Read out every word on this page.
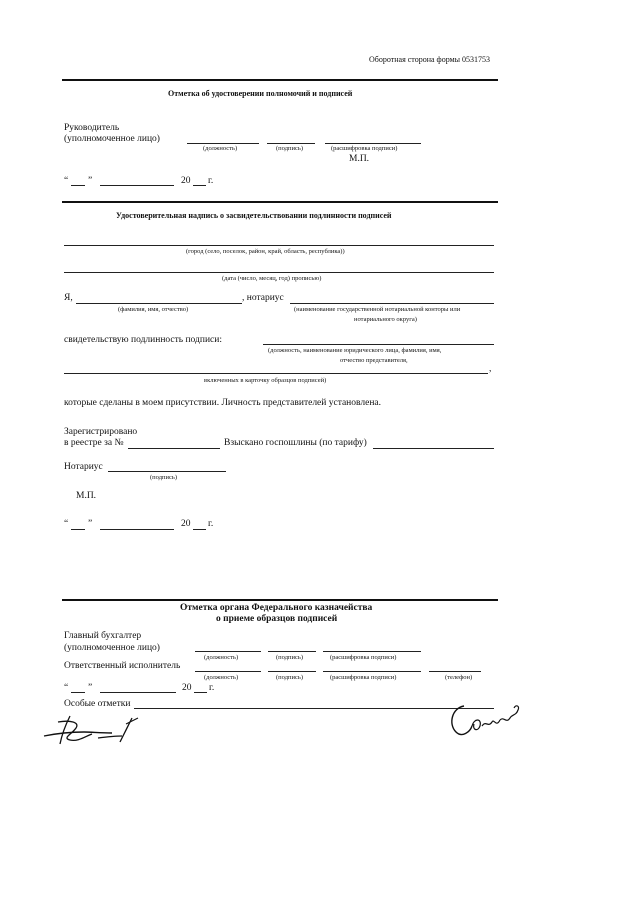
Оборотная сторона формы 0531753
Отметка об удостоверении полномочий и подписей
Руководитель
(уполномоченное лицо)
(должность)	(подпись)	(расшифровка подписи)
М.П.
“ ”	20 г.
Удостоверительная надпись о засвидетельствовании подлинности подписей
(город (село, поселок, район, край, область, республика))
(дата (число, месяц, год) прописью)
Я,	, нотариус
(фамилия, имя, отчество)	(наименование государственной нотариальной конторы или
нотариального округа)
свидетельствую подлинность подписи:
(должность, наименование юридического лица, фамилия, имя,
отчество представителя,
,
включенных в карточку образцов подписей)
которые сделаны в моем присутствии. Личность представителей установлена.
Зарегистрировано
в реестре за №	Взыскано госпошлины (по тарифу)
Нотариус
(подпись)
М.П.
“ ”	20 г.
Отметка органа Федерального казначейства
о приеме образцов подписей
Главный бухгалтер
(уполномоченное лицо)
(должность)	(подпись)	(расшифровка подписи)
Ответственный исполнитель
(должность)	(подпись)	(расшифровка подписи)	(телефон)
“ ”	20 г.
Особые отметки
